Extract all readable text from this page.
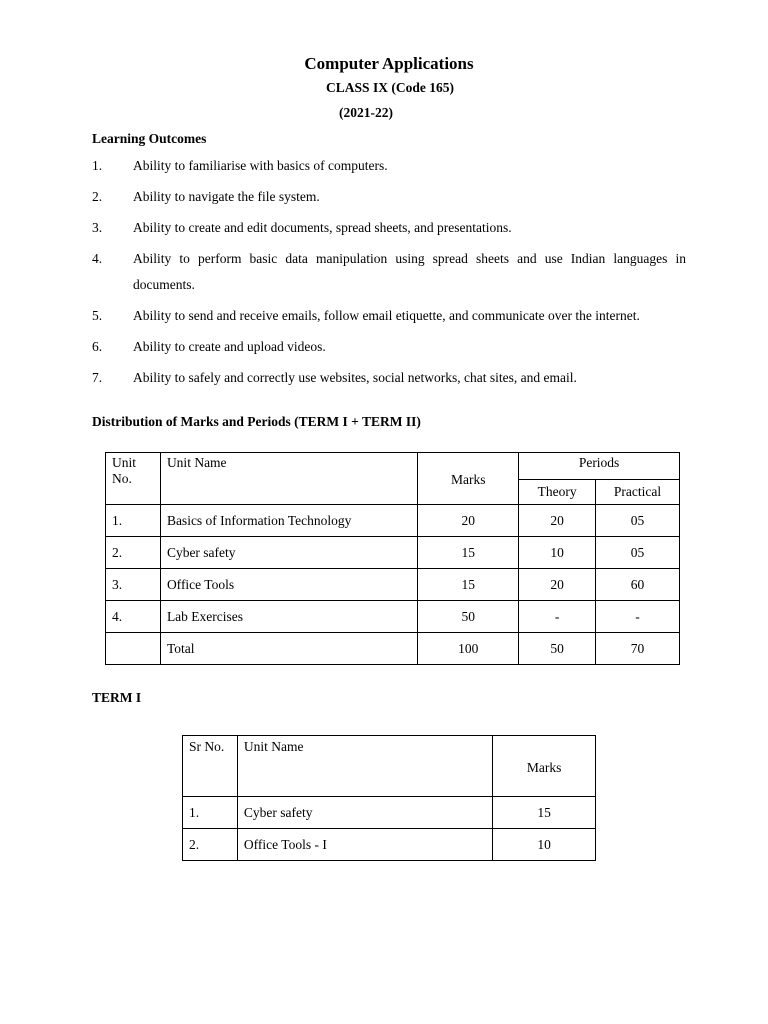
Computer Applications
CLASS IX (Code 165)
(2021-22)
Learning Outcomes
1.	Ability to familiarise with basics of computers.
2.	Ability to navigate the file system.
3.	Ability to create and edit documents, spread sheets, and presentations.
4.	Ability to perform basic data manipulation using spread sheets and use Indian languages in documents.
5.	Ability to send and receive emails, follow email etiquette, and communicate over the internet.
6.	Ability to create and upload videos.
7.	Ability to safely and correctly use websites, social networks, chat sites, and email.
Distribution of Marks and Periods (TERM I + TERM II)
Unit No.	Unit Name	Marks	Periods	
			Theory	Practical
1.	Basics of Information Technology	20	20	05
2.	Cyber safety	15	10	05
3.	Office Tools	15	20	60
4.	Lab Exercises	50	-	-
	Total	100	50	70
TERM I
Sr No.	Unit Name	Marks
1.	Cyber safety	15
2.	Office Tools - I	10
